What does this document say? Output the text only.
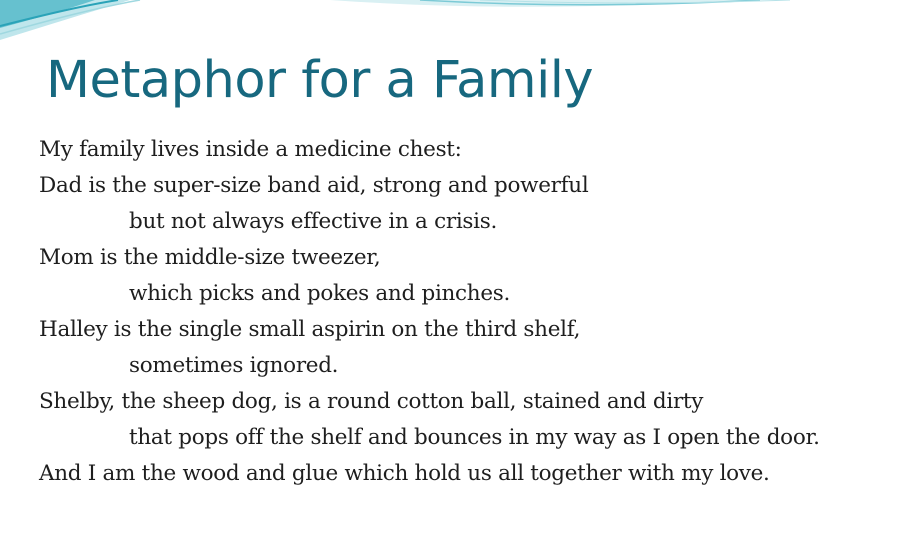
Metaphor for a Family
My family lives inside a medicine chest:
Dad is the super-size band aid, strong and powerful
but not always effective in a crisis.
Mom is the middle-size tweezer,
which picks and pokes and pinches.
Halley is the single small aspirin on the third shelf,
sometimes ignored.
Shelby, the sheep dog, is a round cotton ball, stained and dirty
that pops off the shelf and bounces in my way as I open the door.
And I am the wood and glue which hold us all together with my love.
